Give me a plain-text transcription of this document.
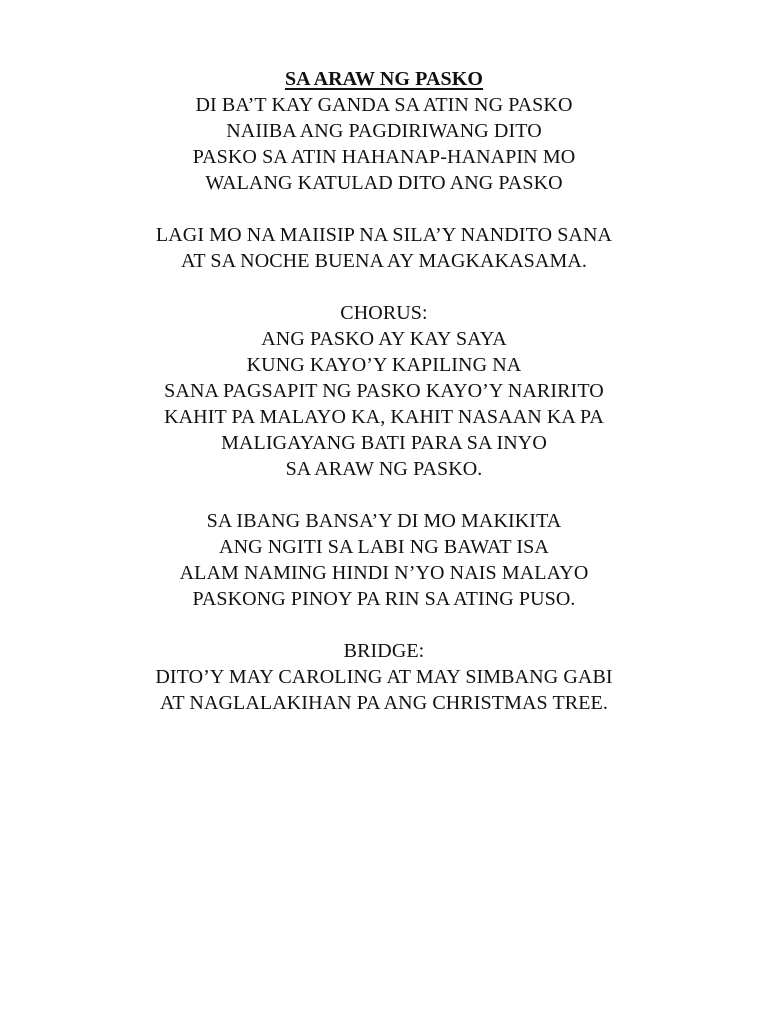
SA ARAW NG PASKO
DI BA’T KAY GANDA SA ATIN NG PASKO
NAIIBA ANG PAGDIRIWANG DITO
PASKO SA ATIN HAHANAP-HANAPIN MO
WALANG KATULAD DITO ANG PASKO
LAGI MO NA MAIISIP NA SILA’Y NANDITO SANA
AT SA NOCHE BUENA AY MAGKAKASAMA.
CHORUS:
ANG PASKO AY KAY SAYA
KUNG KAYO’Y KAPILING NA
SANA PAGSAPIT NG PASKO KAYO’Y NARIRITO
KAHIT PA MALAYO KA, KAHIT NASAAN KA PA
MALIGAYANG BATI PARA SA INYO
SA ARAW NG PASKO.
SA IBANG BANSA’Y DI MO MAKIKITA
ANG NGITI SA LABI NG BAWAT ISA
ALAM NAMING HINDI N’YO NAIS MALAYO
PASKONG PINOY PA RIN SA ATING PUSO.
BRIDGE:
DITO’Y MAY CAROLING AT MAY SIMBANG GABI
AT NAGLALAKIHAN PA ANG CHRISTMAS TREE.
